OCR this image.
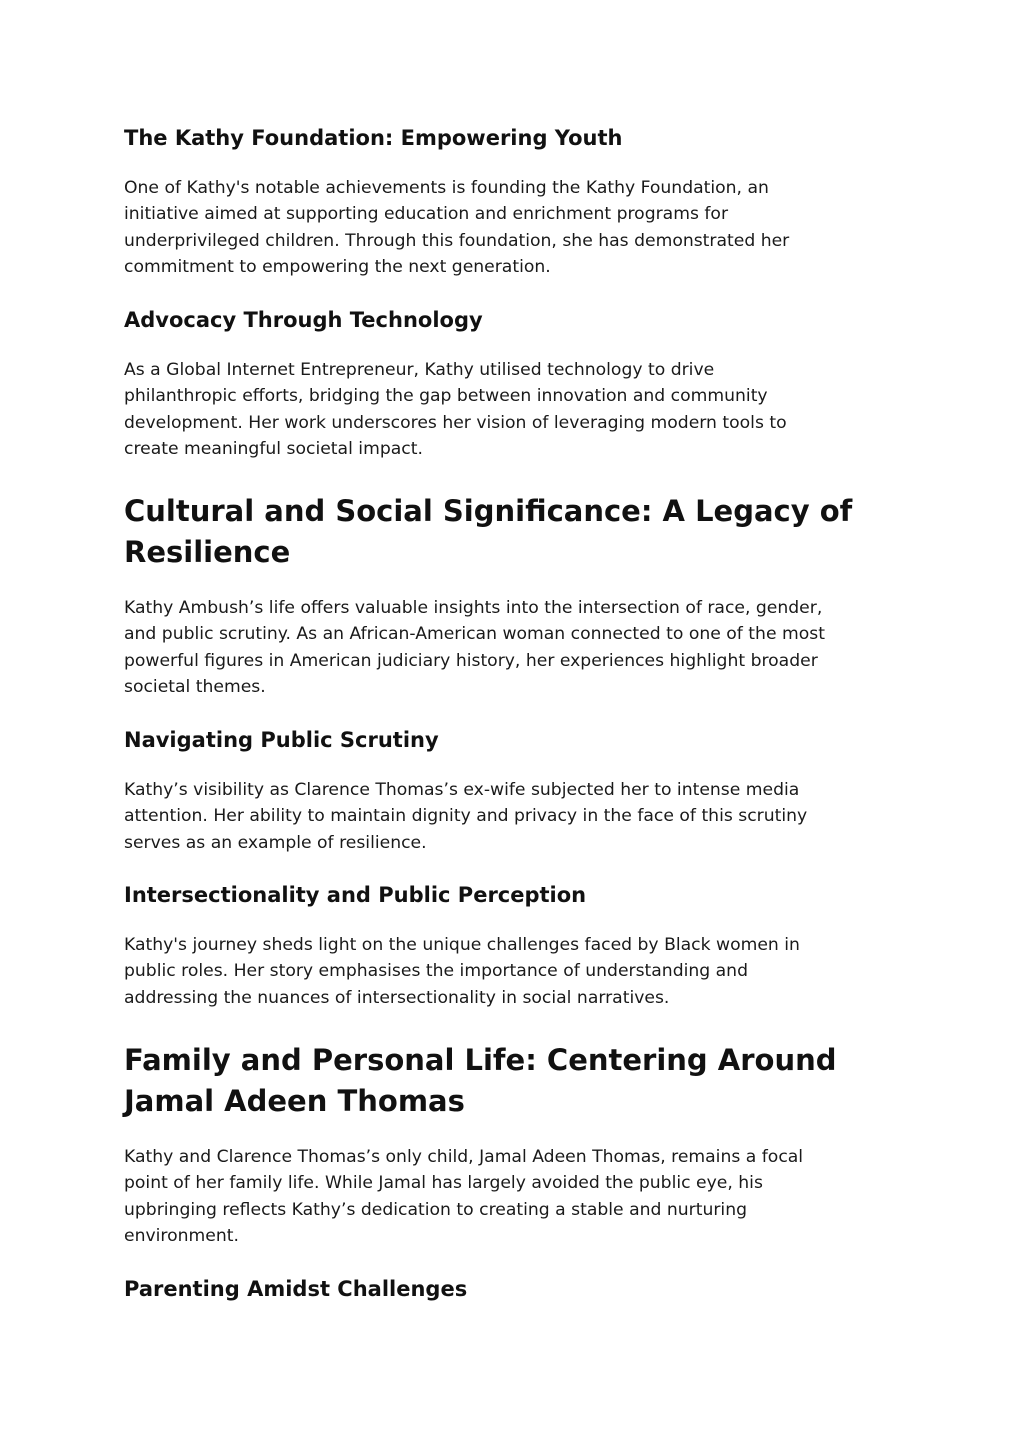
The Kathy Foundation: Empowering Youth

One of Kathy's notable achievements is founding the Kathy Foundation, an
initiative aimed at supporting education and enrichment programs for
underprivileged children. Through this foundation, she has demonstrated her
commitment to empowering the next generation.

Advocacy Through Technology

As a Global Internet Entrepreneur, Kathy utilised technology to drive
philanthropic efforts, bridging the gap between innovation and community
development. Her work underscores her vision of leveraging modern tools to
create meaningful societal impact.

Cultural and Social Significance: A Legacy of
Resilience

Kathy Ambush’s life offers valuable insights into the intersection of race, gender,
and public scrutiny. As an African-American woman connected to one of the most
powerful figures in American judiciary history, her experiences highlight broader
societal themes.

Navigating Public Scrutiny

Kathy’s visibility as Clarence Thomas’s ex-wife subjected her to intense media
attention. Her ability to maintain dignity and privacy in the face of this scrutiny
serves as an example of resilience.

Intersectionality and Public Perception

Kathy's journey sheds light on the unique challenges faced by Black women in
public roles. Her story emphasises the importance of understanding and
addressing the nuances of intersectionality in social narratives.

Family and Personal Life: Centering Around
Jamal Adeen Thomas

Kathy and Clarence Thomas’s only child, Jamal Adeen Thomas, remains a focal
point of her family life. While Jamal has largely avoided the public eye, his
upbringing reflects Kathy’s dedication to creating a stable and nurturing
environment.

Parenting Amidst Challenges
